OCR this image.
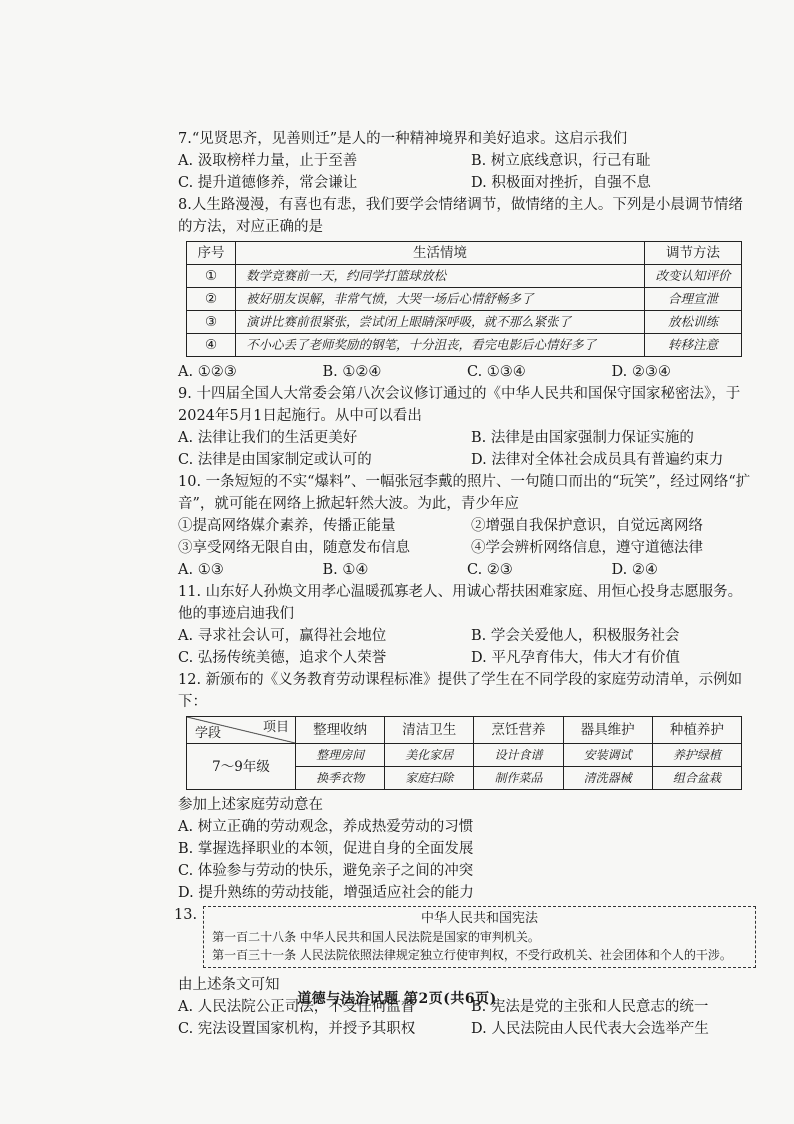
7.“见贤思齐，见善则迁”是人的一种精神境界和美好追求。这启示我们

A. 汲取榜样力量，止于至善	B. 树立底线意识，行己有耻
C. 提升道德修养，常会谦让	D. 积极面对挫折，自强不息

8.人生路漫漫，有喜也有悲，我们要学会情绪调节，做情绪的主人。下列是小晨调节情绪的方法，对应正确的是

序号	生活情境	调节方法
①	数学竞赛前一天，约同学打篮球放松	改变认知评价
②	被好朋友误解，非常气愤，大哭一场后心情舒畅多了	合理宣泄
③	演讲比赛前很紧张，尝试闭上眼睛深呼吸，就不那么紧张了	放松训练
④	不小心丢了老师奖励的钢笔，十分沮丧，看完电影后心情好多了	转移注意
A. ①②③	B. ①②④	C. ①③④	D. ②③④

9. 十四届全国人大常委会第八次会议修订通过的《中华人民共和国保守国家秘密法》，于2024年5月1日起施行。从中可以看出

A. 法律让我们的生活更美好	B. 法律是由国家强制力保证实施的
C. 法律是由国家制定或认可的	D. 法律对全体社会成员具有普遍约束力

10. 一条短短的不实“爆料”、一幅张冠李戴的照片、一句随口而出的“玩笑”，经过网络“扩音”，就可能在网络上掀起轩然大波。为此，青少年应

①提高网络媒介素养，传播正能量	②增强自我保护意识，自觉远离网络
③享受网络无限自由，随意发布信息	④学会辨析网络信息，遵守道德法律
A. ①③	B. ①④	C. ②③	D. ②④

11. 山东好人孙焕文用孝心温暖孤寡老人、用诚心帮扶困难家庭、用恒心投身志愿服务。他的事迹启迪我们

A. 寻求社会认可，赢得社会地位	B. 学会关爱他人，积极服务社会
C. 弘扬传统美德，追求个人荣誉	D. 平凡孕育伟大，伟大才有价值

12. 新颁布的《义务教育劳动课程标准》提供了学生在不同学段的家庭劳动清单，示例如下：

项目
学段	整理收纳	清洁卫生	烹饪营养	器具维护	种植养护
7～9年级	整理房间	美化家居	设计食谱	安装调试	养护绿植
	换季衣物	家庭扫除	制作菜品	清洗器械	组合盆栽

参加上述家庭劳动意在

A. 树立正确的劳动观念，养成热爱劳动的习惯
B. 掌握选择职业的本领，促进自身的全面发展
C. 体验参与劳动的快乐，避免亲子之间的冲突
D. 提升熟练的劳动技能，增强适应社会的能力
13.	中华人民共和国宪法
第一百二十八条 中华人民共和国人民法院是国家的审判机关。
第一百三十一条 人民法院依照法律规定独立行使审判权，不受行政机关、社会团体和个人的干涉。

由上述条文可知

A. 人民法院公正司法，不受任何监督	B. 宪法是党的主张和人民意志的统一
C. 宪法设置国家机构，并授予其职权	D. 人民法院由人民代表大会选举产生
道德与法治试题 第2页(共6页)
